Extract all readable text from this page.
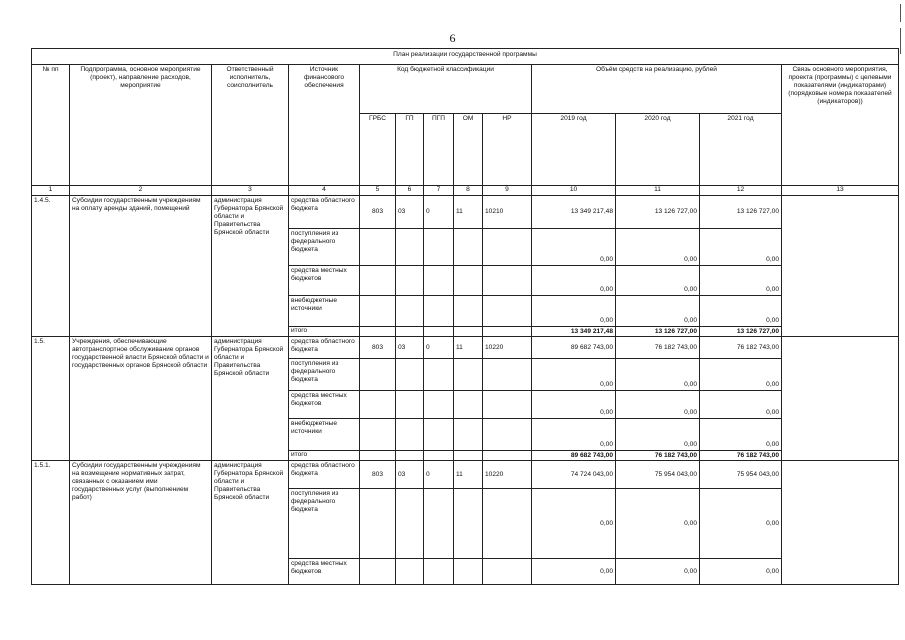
6
План реализации государственной программы												
№ пп	Подпрограмма, основное мероприятие (проект), направление расходов, мероприятие	Ответственный исполнитель, соисполнитель	Источник финансового обеспечения	Код бюджетной классификации					Объём средств на реализацию, рублей			Связь основного мероприятия, проекта (программы) с целевыми показателями (индикаторами) (порядковые номера показателей (индикаторов))
				ГРБС	ГП	ПГП	ОМ	НР	2019 год	2020 год	2021 год	
1	2	3	4	5	6	7	8	9	10	11	12	13
1.4.5.	Субсидии государственным учреждениям на оплату аренды зданий, помещений	администрация Губернатора Брянской области и Правительства Брянской области	средства областного бюджета	803	03	0	11	10210	13 349 217,48	13 126 727,00	13 126 727,00	
			поступления из федерального бюджета						0,00	0,00	0,00	
			средства местных бюджетов						0,00	0,00	0,00	
			внебюджетные источники						0,00	0,00	0,00	
			итого						13 349 217,48	13 126 727,00	13 126 727,00	
1.5.	Учреждения, обеспечивающие автотранспортное обслуживание органов государственной власти Брянской области и государственных органов Брянской области	администрация Губернатора Брянской области и Правительства Брянской области	средства областного бюджета	803	03	0	11	10220	89 682 743,00	76 182 743,00	76 182 743,00	
			поступления из федерального бюджета						0,00	0,00	0,00	
			средства местных бюджетов						0,00	0,00	0,00	
			внебюджетные источники						0,00	0,00	0,00	
			итого						89 682 743,00	76 182 743,00	76 182 743,00	
1.5.1.	Субсидии государственным учреждениям на возмещение нормативных затрат, связанных с оказанием ими государственных услуг (выполнением работ)	администрация Губернатора Брянской области и Правительства Брянской области	средства областного бюджета	803	03	0	11	10220	74 724 043,00	75 954 043,00	75 954 043,00	
			поступления из федерального бюджета						0,00	0,00	0,00	
			средства местных бюджетов						0,00	0,00	0,00	
